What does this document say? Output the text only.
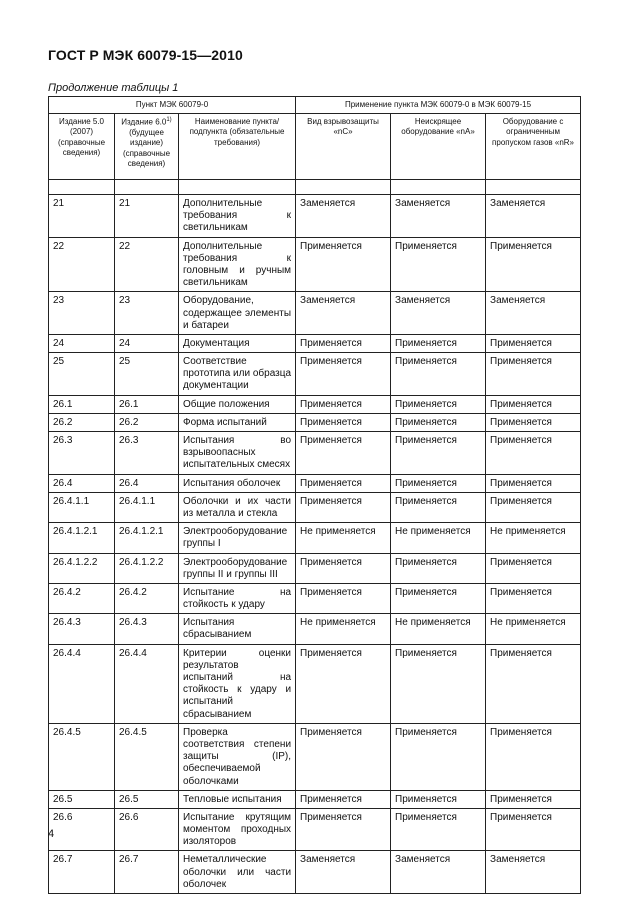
ГОСТ Р МЭК 60079-15—2010
Продолжение таблицы 1
Пункт МЭК 60079-0			Применение пункта МЭК 60079-0 в МЭК 60079-15		
Издание 5.0 (2007) (справочные сведения)	Издание 6.0$^{1)}$ (будущее издание) (справочные сведения)	Наименование пункта/подпункта (обязательные требования)	Вид взрывозащиты «nC»	Неискрящее оборудование «nA»	Оборудование с ограниченным пропуском газов «nR»

21	21	Дополнительные требования к светильникам	Заменяется	Заменяется	Заменяется
22	22	Дополнительные требования к головным и ручным светильникам	Применяется	Применяется	Применяется
23	23	Оборудование, содержащее элементы и батареи	Заменяется	Заменяется	Заменяется
24	24	Документация	Применяется	Применяется	Применяется
25	25	Соответствие прототипа или образца документации	Применяется	Применяется	Применяется
26.1	26.1	Общие положения	Применяется	Применяется	Применяется
26.2	26.2	Форма испытаний	Применяется	Применяется	Применяется
26.3	26.3	Испытания во взрывоопасных испытательных смесях	Применяется	Применяется	Применяется
26.4	26.4	Испытания оболочек	Применяется	Применяется	Применяется
26.4.1.1	26.4.1.1	Оболочки и их части из металла и стекла	Применяется	Применяется	Применяется
26.4.1.2.1	26.4.1.2.1	Электрооборудование группы I	Не применяется	Не применяется	Не применяется
26.4.1.2.2	26.4.1.2.2	Электрооборудование группы II и группы III	Применяется	Применяется	Применяется
26.4.2	26.4.2	Испытание на стойкость к удару	Применяется	Применяется	Применяется
26.4.3	26.4.3	Испытания сбрасыванием	Не применяется	Не применяется	Не применяется
26.4.4	26.4.4	Критерии оценки результатов испытаний на стойкость к удару и испытаний сбрасыванием	Применяется	Применяется	Применяется
26.4.5	26.4.5	Проверка соответствия степени защиты (IP), обеспечиваемой оболочками	Применяется	Применяется	Применяется
26.5	26.5	Тепловые испытания	Применяется	Применяется	Применяется
26.6	26.6	Испытание крутящим моментом проходных изоляторов	Применяется	Применяется	Применяется
26.7	26.7	Неметаллические оболочки или части оболочек	Заменяется	Заменяется	Заменяется
4
